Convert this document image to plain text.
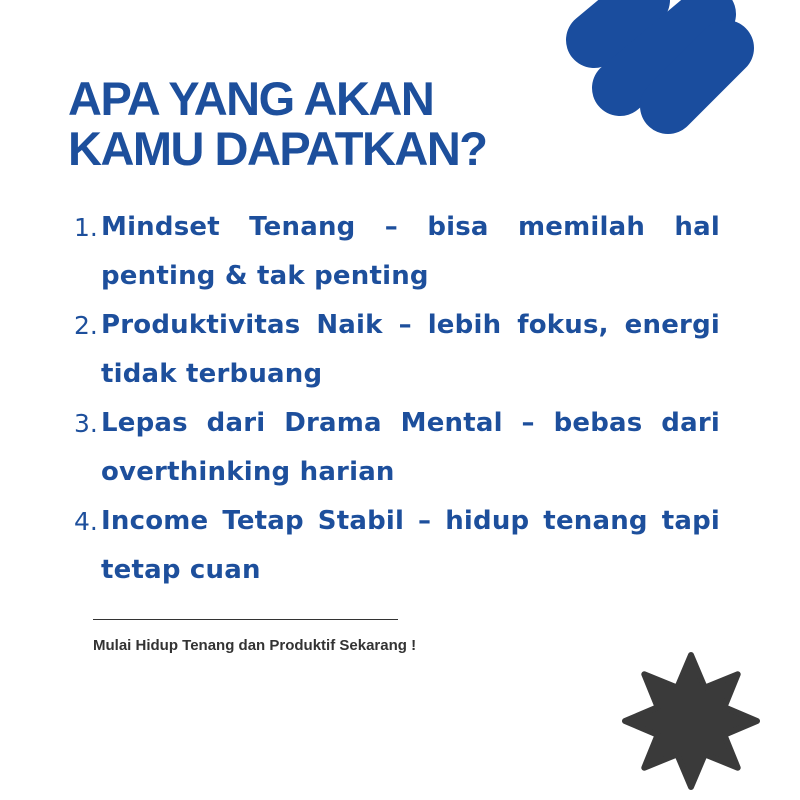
APA YANG AKAN
KAMU DAPATKAN?
1. Mindset Tenang – bisa memilah hal penting & tak penting
2. Produktivitas Naik – lebih fokus, energi tidak terbuang
3. Lepas dari Drama Mental – bebas dari overthinking harian
4. Income Tetap Stabil – hidup tenang tapi tetap cuan

Mulai Hidup Tenang dan Produktif Sekarang !
